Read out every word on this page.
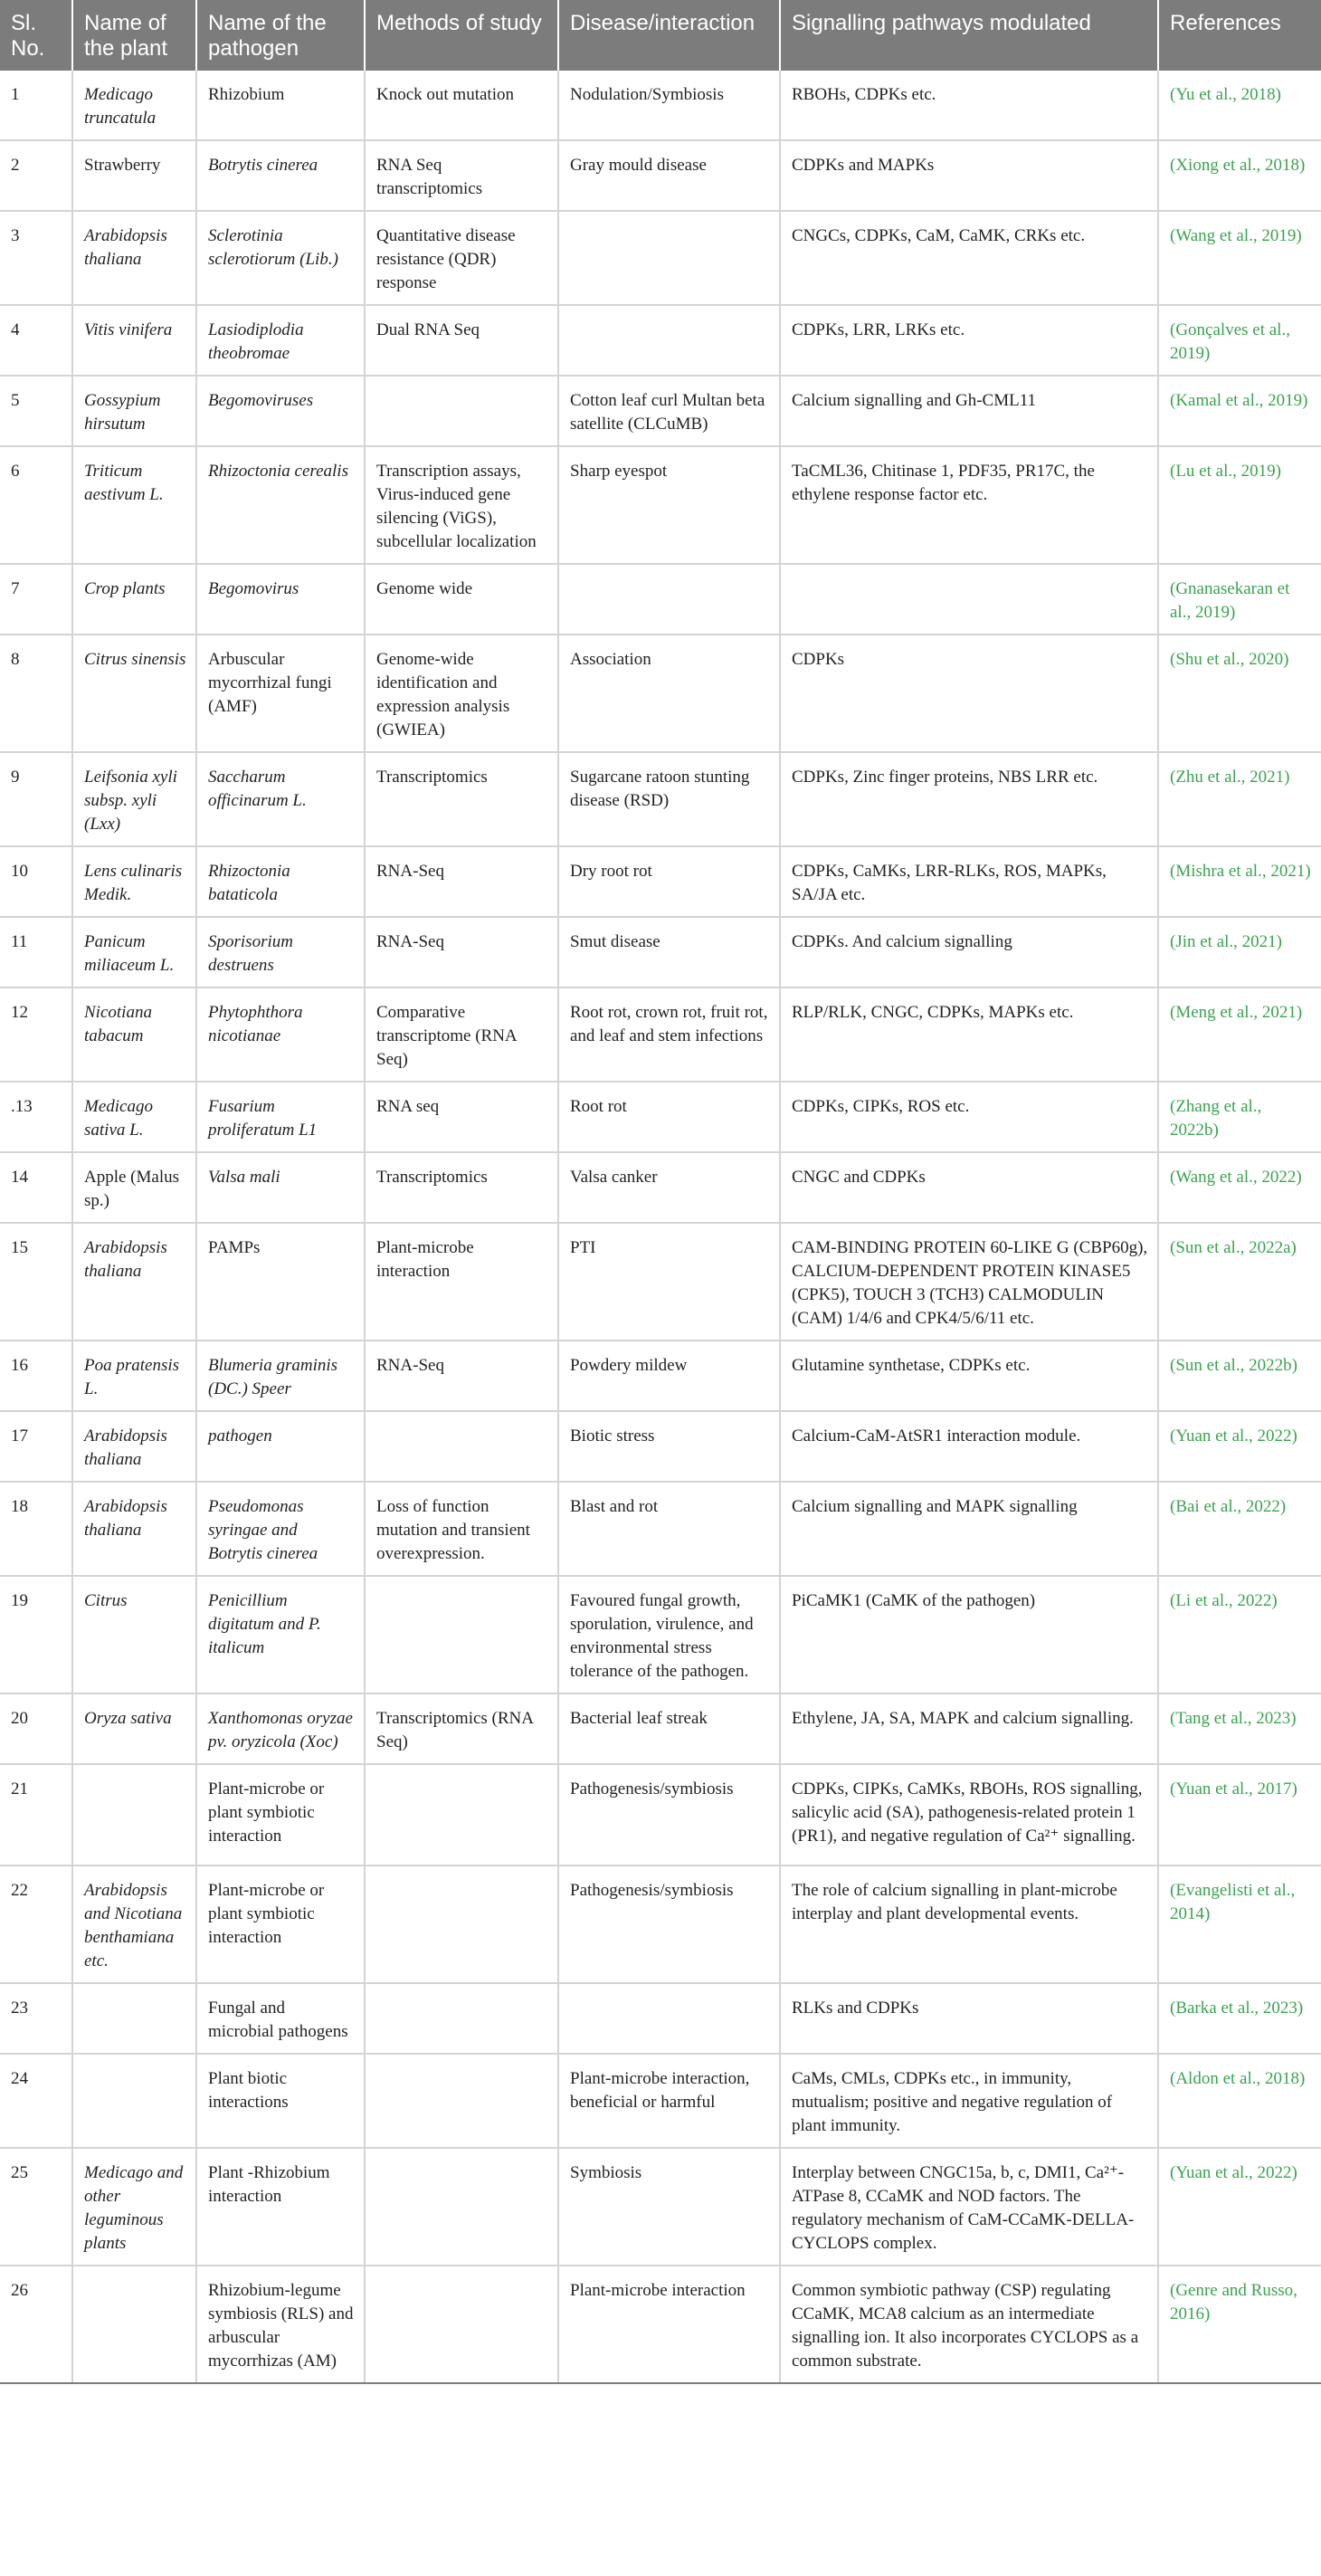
Sl. No.	Name of the plant	Name of the pathogen	Methods of study	Disease/interaction	Signalling pathways modulated	References
1	Medicago truncatula	Rhizobium	Knock out mutation	Nodulation/Symbiosis	RBOHs, CDPKs etc.	(Yu et al., 2018)
2	Strawberry	Botrytis cinerea	RNA Seq transcriptomics	Gray mould disease	CDPKs and MAPKs	(Xiong et al., 2018)
3	Arabidopsis thaliana	Sclerotinia sclerotiorum (Lib.)	Quantitative disease resistance (QDR) response		CNGCs, CDPKs, CaM, CaMK, CRKs etc.	(Wang et al., 2019)
4	Vitis vinifera	Lasiodiplodia theobromae	Dual RNA Seq		CDPKs, LRR, LRKs etc.	(Gonçalves et al., 2019)
5	Gossypium hirsutum	Begomoviruses		Cotton leaf curl Multan beta satellite (CLCuMB)	Calcium signalling and Gh-CML11	(Kamal et al., 2019)
6	Triticum aestivum L.	Rhizoctonia cerealis	Transcription assays, Virus-induced gene silencing (ViGS), subcellular localization	Sharp eyespot	TaCML36, Chitinase 1, PDF35, PR17C, the ethylene response factor etc.	(Lu et al., 2019)
7	Crop plants	Begomovirus	Genome wide			(Gnanasekaran et al., 2019)
8	Citrus sinensis	Arbuscular mycorrhizal fungi (AMF)	Genome-wide identification and expression analysis (GWIEA)	Association	CDPKs	(Shu et al., 2020)
9	Leifsonia xyli subsp. xyli (Lxx)	Saccharum officinarum L.	Transcriptomics	Sugarcane ratoon stunting disease (RSD)	CDPKs, Zinc finger proteins, NBS LRR etc.	(Zhu et al., 2021)
10	Lens culinaris Medik.	Rhizoctonia bataticola	RNA-Seq	Dry root rot	CDPKs, CaMKs, LRR-RLKs, ROS, MAPKs, SA/JA etc.	(Mishra et al., 2021)
11	Panicum miliaceum L.	Sporisorium destruens	RNA-Seq	Smut disease	CDPKs. And calcium signalling	(Jin et al., 2021)
12	Nicotiana tabacum	Phytophthora nicotianae	Comparative transcriptome (RNA Seq)	Root rot, crown rot, fruit rot, and leaf and stem infections	RLP/RLK, CNGC, CDPKs, MAPKs etc.	(Meng et al., 2021)
.13	Medicago sativa L.	Fusarium proliferatum L1	RNA seq	Root rot	CDPKs, CIPKs, ROS etc.	(Zhang et al., 2022b)
14	Apple (Malus sp.)	Valsa mali	Transcriptomics	Valsa canker	CNGC and CDPKs	(Wang et al., 2022)
15	Arabidopsis thaliana	PAMPs	Plant-microbe interaction	PTI	CAM-BINDING PROTEIN 60-LIKE G (CBP60g), CALCIUM-DEPENDENT PROTEIN KINASE5 (CPK5), TOUCH 3 (TCH3) CALMODULIN (CAM) 1/4/6 and CPK4/5/6/11 etc.	(Sun et al., 2022a)
16	Poa pratensis L.	Blumeria graminis (DC.) Speer	RNA-Seq	Powdery mildew	Glutamine synthetase, CDPKs etc.	(Sun et al., 2022b)
17	Arabidopsis thaliana	pathogen		Biotic stress	Calcium-CaM-AtSR1 interaction module.	(Yuan et al., 2022)
18	Arabidopsis thaliana	Pseudomonas syringae and Botrytis cinerea	Loss of function mutation and transient overexpression.	Blast and rot	Calcium signalling and MAPK signalling	(Bai et al., 2022)
19	Citrus	Penicillium digitatum and P. italicum		Favoured fungal growth, sporulation, virulence, and environmental stress tolerance of the pathogen.	PiCaMK1 (CaMK of the pathogen)	(Li et al., 2022)
20	Oryza sativa	Xanthomonas oryzae pv. oryzicola (Xoc)	Transcriptomics (RNA Seq)	Bacterial leaf streak	Ethylene, JA, SA, MAPK and calcium signalling.	(Tang et al., 2023)
21		Plant-microbe or plant symbiotic interaction		Pathogenesis/symbiosis	CDPKs, CIPKs, CaMKs, RBOHs, ROS signalling, salicylic acid (SA), pathogenesis-related protein 1 (PR1), and negative regulation of Ca²⁺ signalling.	(Yuan et al., 2017)
22	Arabidopsis and Nicotiana benthamiana etc.	Plant-microbe or plant symbiotic interaction		Pathogenesis/symbiosis	The role of calcium signalling in plant-microbe interplay and plant developmental events.	(Evangelisti et al., 2014)
23		Fungal and microbial pathogens			RLKs and CDPKs	(Barka et al., 2023)
24		Plant biotic interactions		Plant-microbe interaction, beneficial or harmful	CaMs, CMLs, CDPKs etc., in immunity, mutualism; positive and negative regulation of plant immunity.	(Aldon et al., 2018)
25	Medicago and other leguminous plants	Plant -Rhizobium interaction		Symbiosis	Interplay between CNGC15a, b, c, DMI1, Ca²⁺-ATPase 8, CCaMK and NOD factors. The regulatory mechanism of CaM-CCaMK-DELLA-CYCLOPS complex.	(Yuan et al., 2022)
26		Rhizobium-legume symbiosis (RLS) and arbuscular mycorrhizas (AM)		Plant-microbe interaction	Common symbiotic pathway (CSP) regulating CCaMK, MCA8 calcium as an intermediate signalling ion. It also incorporates CYCLOPS as a common substrate.	(Genre and Russo, 2016)
